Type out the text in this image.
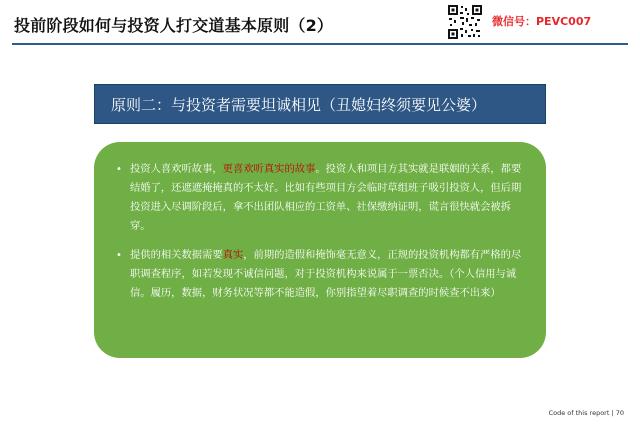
投前阶段如何与投资人打交道基本原则（2）	微信号：PEVC007
原则二：与投资者需要坦诚相见（丑媳妇终须要见公婆）
• 投资人喜欢听故事，更喜欢听真实的故事。投资人和项目方其实就是联姻的关系，都要结婚了，还遮遮掩掩真的不太好。比如有些项目方会临时草组班子吸引投资人，但后期投资进入尽调阶段后，拿不出团队相应的工资单、社保缴纳证明，谎言很快就会被拆穿。
• 提供的相关数据需要真实，前期的造假和掩饰毫无意义，正规的投资机构都有严格的尽职调查程序，如若发现不诚信问题，对于投资机构来说属于一票否决。（个人信用与诚信。履历，数据，财务状况等都不能造假，你别指望着尽职调查的时候查不出来）
Code of this report | 70
